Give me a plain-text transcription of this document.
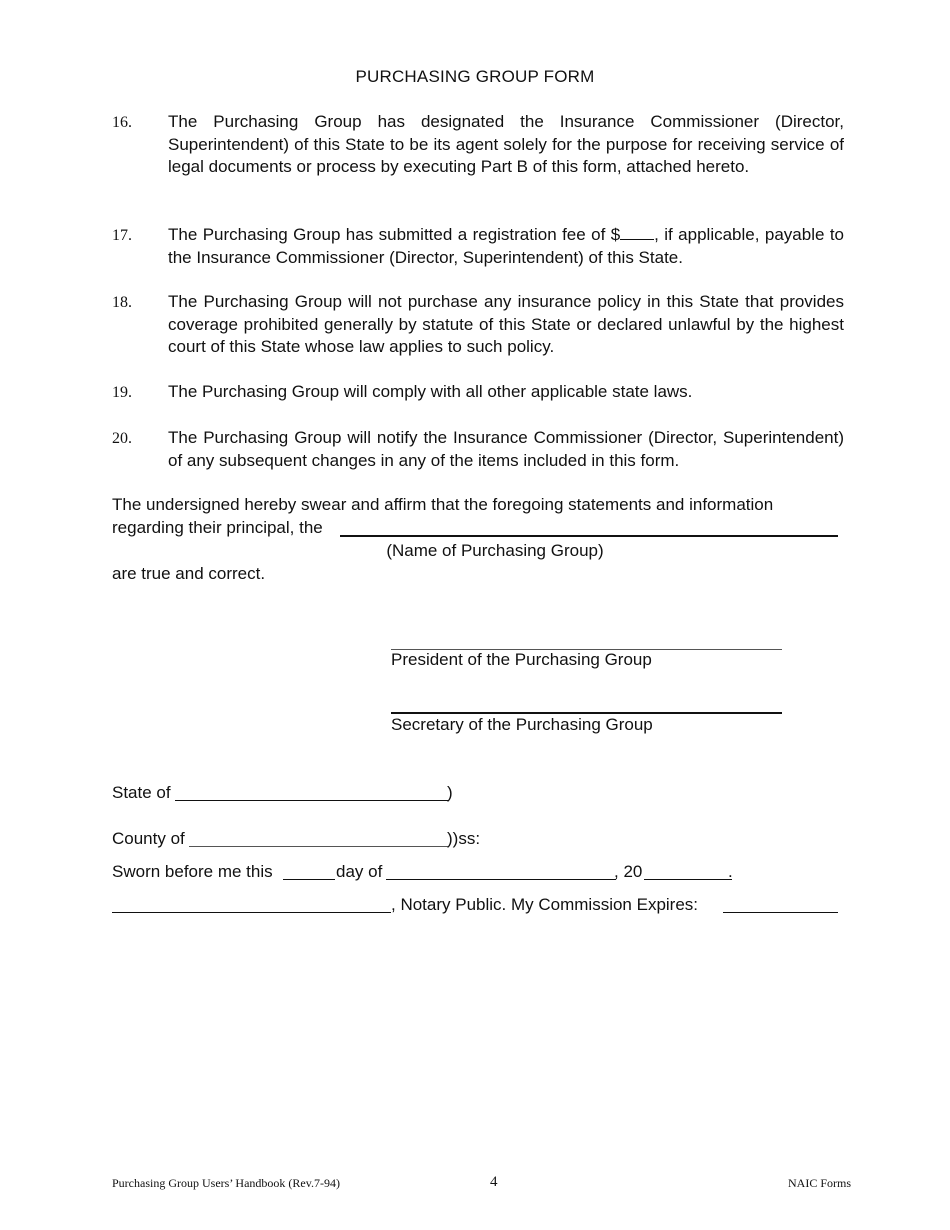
PURCHASING GROUP FORM
16. The Purchasing Group has designated the Insurance Commissioner (Director, Superintendent) of this State to be its agent solely for the purpose for receiving service of legal documents or process by executing Part B of this form, attached hereto.
17. The Purchasing Group has submitted a registration fee of $ , if applicable, payable to the Insurance Commissioner (Director, Superintendent) of this State.
18. The Purchasing Group will not purchase any insurance policy in this State that provides coverage prohibited generally by statute of this State or declared unlawful by the highest court of this State whose law applies to such policy.
19. The Purchasing Group will comply with all other applicable state laws.
20. The Purchasing Group will notify the Insurance Commissioner (Director, Superintendent) of any subsequent changes in any of the items included in this form.
The undersigned hereby swear and affirm that the foregoing statements and information
regarding their principal, the
(Name of Purchasing Group)
are true and correct.
President of the Purchasing Group
Secretary of the Purchasing Group
State of	)
County of	))ss:
Sworn before me this	day of	, 20	.
, Notary Public. My Commission Expires:
Purchasing Group Users’ Handbook (Rev.7-94)	4	NAIC Forms
